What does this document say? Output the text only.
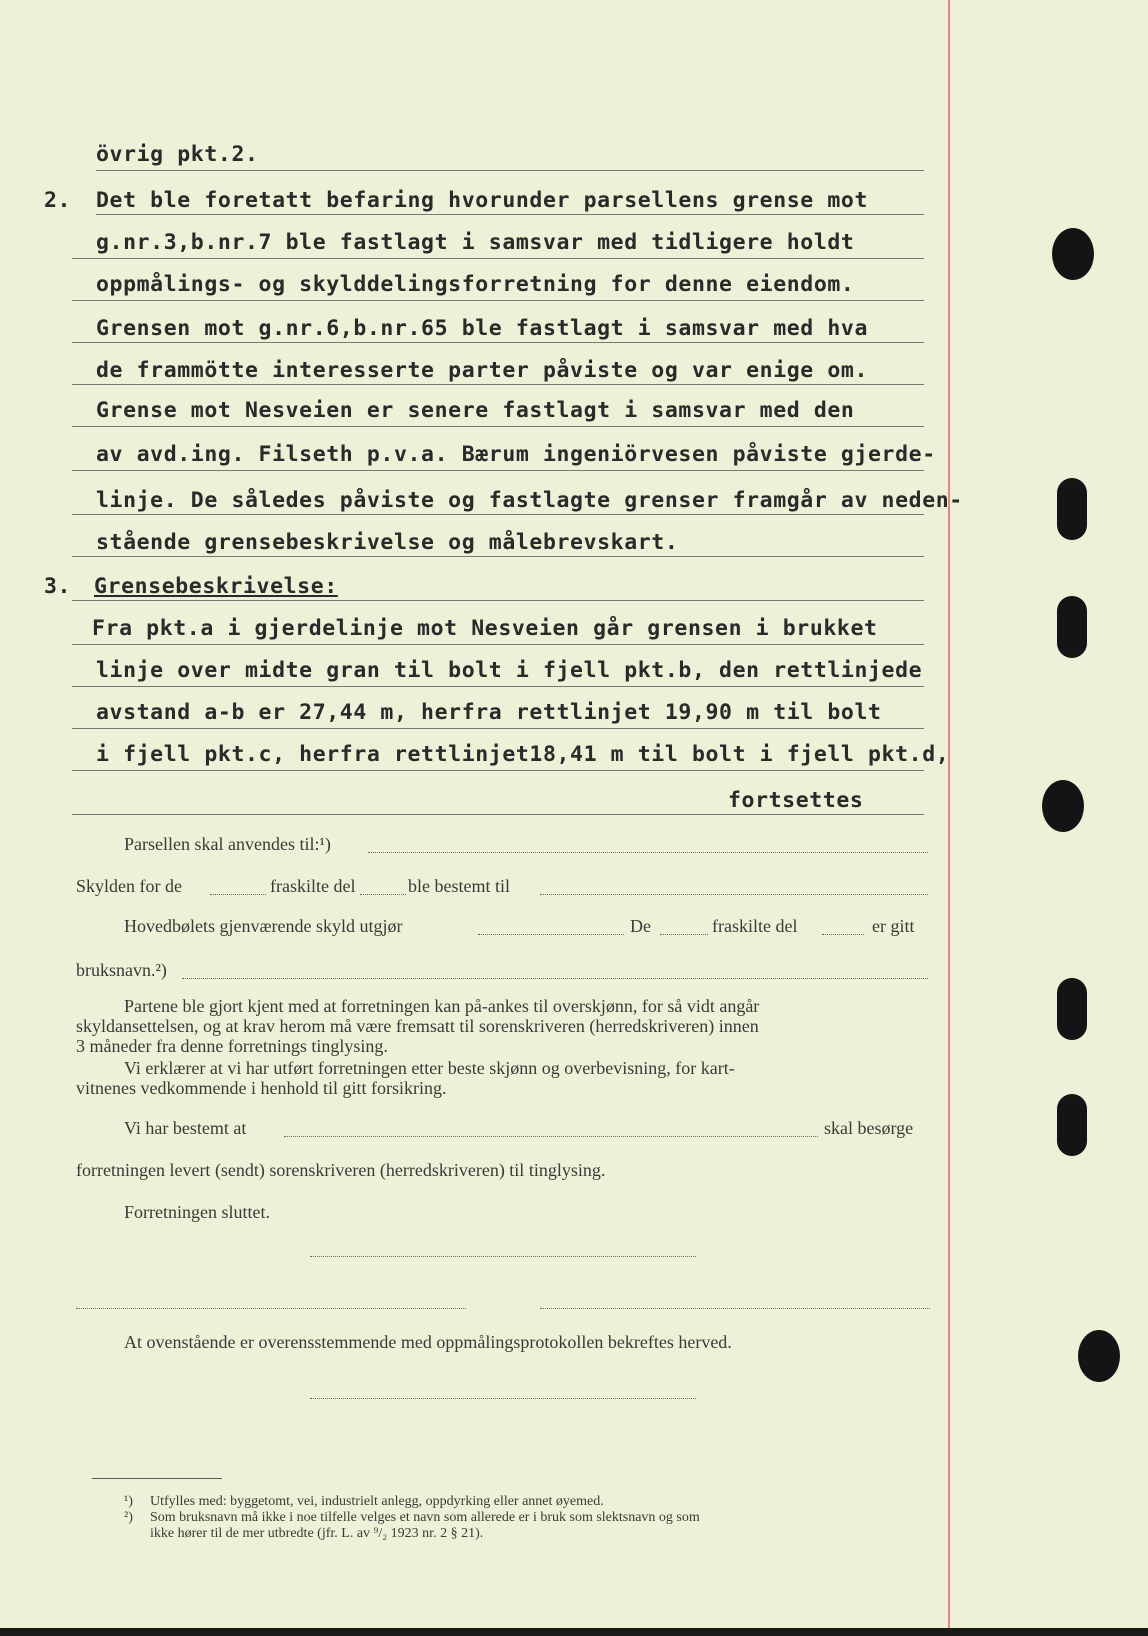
övrig pkt.2.
2. Det ble foretatt befaring hvorunder parsellens grense mot
g.nr.3,b.nr.7 ble fastlagt i samsvar med tidligere holdt
oppmålings- og skylddelingsforretning for denne eiendom.
Grensen mot g.nr.6,b.nr.65 ble fastlagt i samsvar med hva
de frammötte interesserte parter påviste og var enige om.
Grense mot Nesveien er senere fastlagt i samsvar med den
av avd.ing. Filseth p.v.a. Bærum ingeniörvesen påviste gjerde-
linje. De således påviste og fastlagte grenser framgår av neden-
stående grensebeskrivelse og målebrevskart.
3. Grensebeskrivelse:
Fra pkt.a i gjerdelinje mot Nesveien går grensen i brukket
linje over midte gran til bolt i fjell pkt.b, den rettlinjede
avstand a-b er 27,44 m, herfra rettlinjet 19,90 m til bolt
i fjell pkt.c, herfra rettlinjet18,41 m til bolt i fjell pkt.d,
fortsettes
Parsellen skal anvendes til:¹)
Skylden for de	fraskilte del	ble bestemt til
Hovedbølets gjenværende skyld utgjør	De	fraskilte del	er gitt
bruksnavn.²)
Partene ble gjort kjent med at forretningen kan på-ankes til overskjønn, for så vidt angår
skyldansettelsen, og at krav herom må være fremsatt til sorenskriveren (herredskriveren) innen
3 måneder fra denne forretnings tinglysing.
Vi erklærer at vi har utført forretningen etter beste skjønn og overbevisning, for kart-
vitnenes vedkommende i henhold til gitt forsikring.
Vi har bestemt at	skal besørge
forretningen levert (sendt) sorenskriveren (herredskriveren) til tinglysing.
Forretningen sluttet.
At ovenstående er overensstemmende med oppmålingsprotokollen bekreftes herved.
¹) Utfylles med: byggetomt, vei, industrielt anlegg, oppdyrking eller annet øyemed.
²) Som bruksnavn må ikke i noe tilfelle velges et navn som allerede er i bruk som slektsnavn og som
ikke hører til de mer utbredte (jfr. L. av ⁹/₂ 1923 nr. 2 § 21).
